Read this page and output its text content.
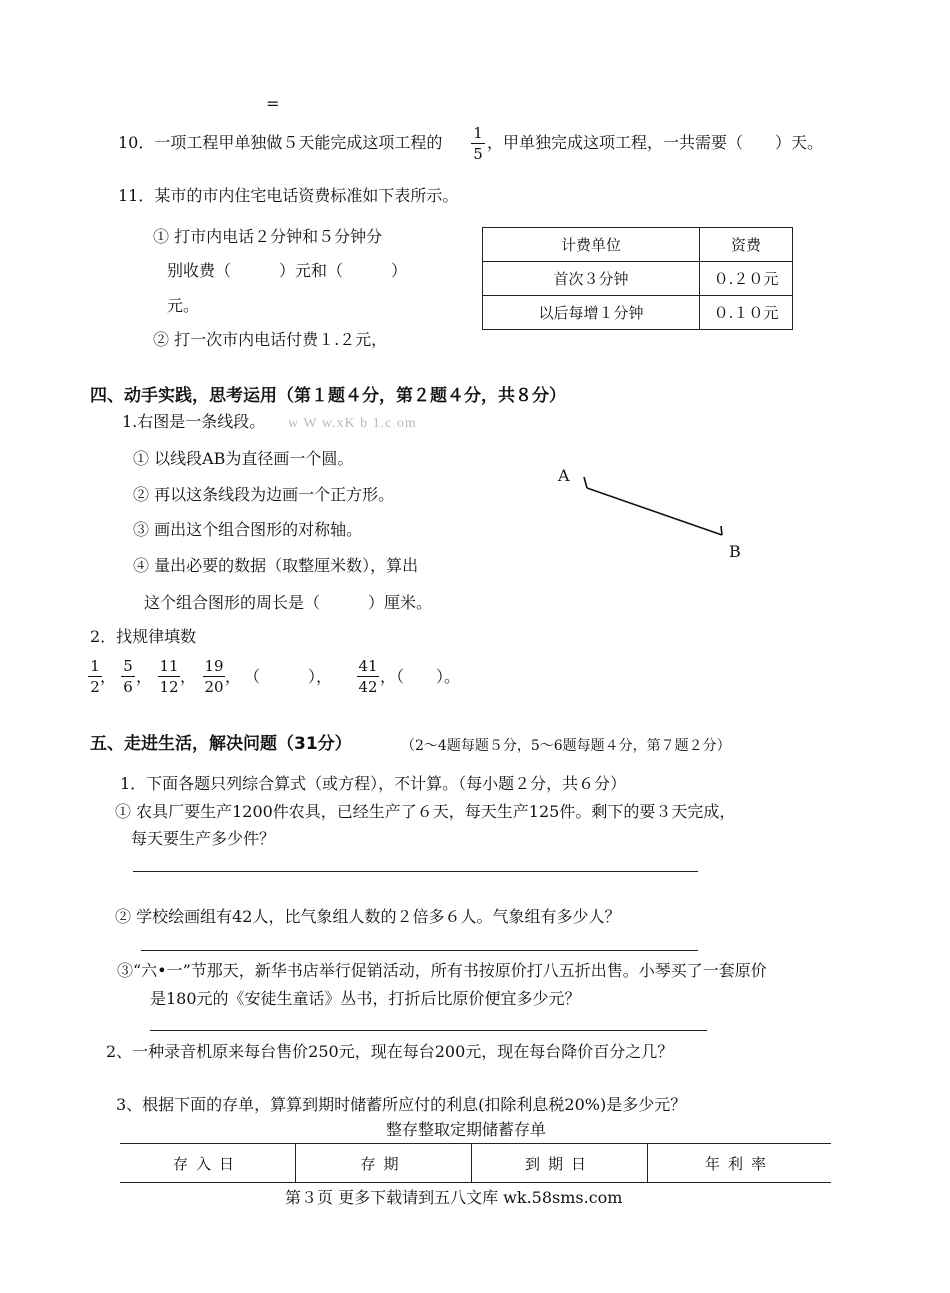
=
10．一项工程甲单独做５天能完成这项工程的 1
5
，甲单独完成这项工程，一共需要（　　）天。
11．某市的市内住宅电话资费标准如下表所示。
① 打市内电话２分钟和５分钟分
别收费（　　　）元和（　　　）
元。
② 打一次市内电话付费１.２元，
计费单位	资费
首次３分钟	０.２０元
以后每增１分钟	０.１０元
四、动手实践，思考运用（第１题４分，第２题４分，共８分）
1.右图是一条线段。 w W w.xK b 1.c om
① 以线段AB为直径画一个圆。
② 再以这条线段为边画一个正方形。
③ 画出这个组合图形的对称轴。
④ 量出必要的数据（取整厘米数），算出
这个组合图形的周长是（　　　）厘米。
A
B
2．找规律填数
1
2
，
5
6
，
11
12
，
19
20
， （　　　），
41
42
，（　　）。
五、走进生活，解决问题（31分）	（2～4题每题５分，5～6题每题４分，第７题２分）
1．下面各题只列综合算式（或方程），不计算。（每小题２分，共６分）
① 农具厂要生产1200件农具，已经生产了６天，每天生产125件。剩下的要３天完成，
每天要生产多少件？
② 学校绘画组有42人，比气象组人数的２倍多６人。气象组有多少人？
③“六•一”节那天，新华书店举行促销活动，所有书按原价打八五折出售。小琴买了一套原价
是180元的《安徒生童话》丛书，打折后比原价便宜多少元？
2、一种录音机原来每台售价250元，现在每台200元，现在每台降价百分之几？
3、根据下面的存单，算算到期时储蓄所应付的利息(扣除利息税20%)是多少元？
整存整取定期储蓄存单
存入日	存期	到期日	年利率
第３页 更多下载请到五八文库 wk.58sms.com
